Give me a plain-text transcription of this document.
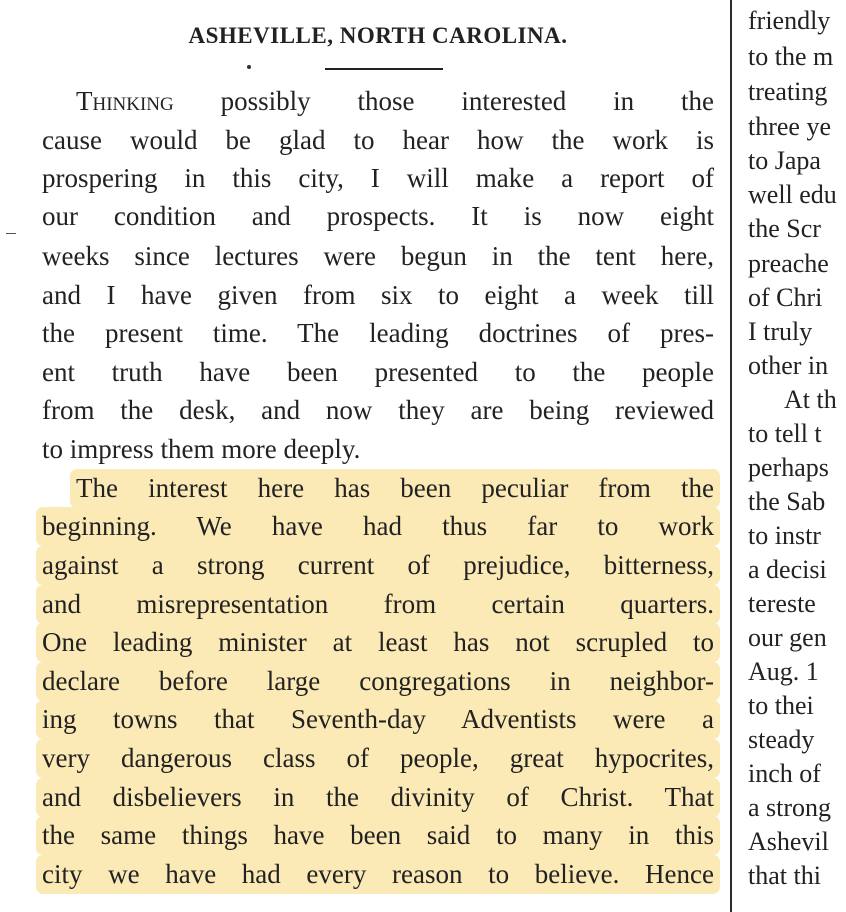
ASHEVILLE, NORTH CAROLINA.
Thinking possibly those interested in the
cause would be glad to hear how the work is
prospering in this city, I will make a report of
our condition and prospects. It is now eight
weeks since lectures were begun in the tent here,
and I have given from six to eight a week till
the present time. The leading doctrines of pres-
ent truth have been presented to the people
from the desk, and now they are being reviewed
to impress them more deeply.
The interest here has been peculiar from the
beginning. We have had thus far to work
against a strong current of prejudice, bitterness,
and misrepresentation from certain quarters.
One leading minister at least has not scrupled to
declare before large congregations in neighbor-
ing towns that Seventh-day Adventists were a
very dangerous class of people, great hypocrites,
and disbelievers in the divinity of Christ. That
the same things have been said to many in this
city we have had every reason to believe. Hence
friendly
to the m
treating
three ye
to Japa
well edu
the Scr
preache
of Chri
I truly
other in
At th
to tell t
perhaps
the Sab
to instr
a decisi
tereste
our gen
Aug. 1
to thei
steady
inch of
a strong
Ashevil
that thi
